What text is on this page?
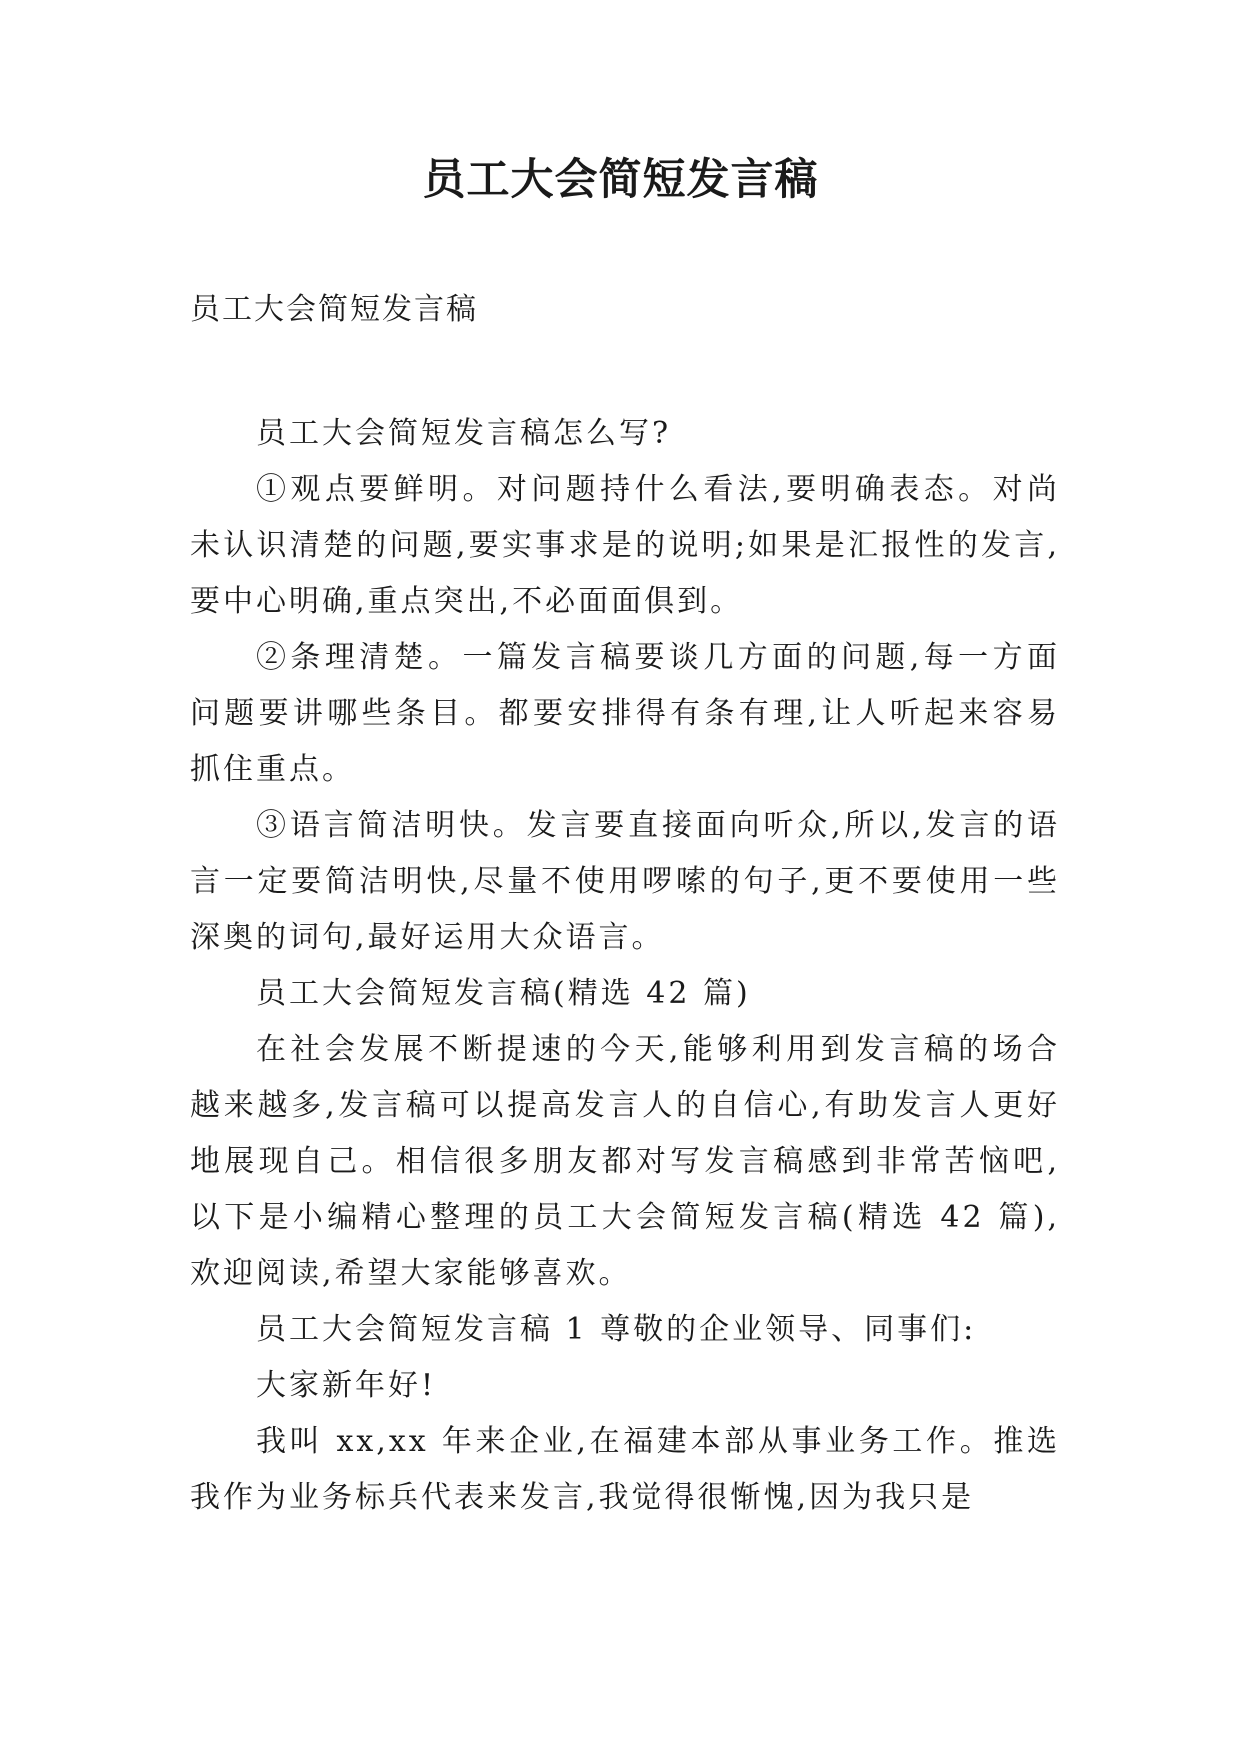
员工大会简短发言稿

员工大会简短发言稿

员工大会简短发言稿怎么写?

①观点要鲜明。对问题持什么看法,要明确表态。对尚未认识清楚的问题,要实事求是的说明;如果是汇报性的发言,要中心明确,重点突出,不必面面俱到。

②条理清楚。一篇发言稿要谈几方面的问题,每一方面问题要讲哪些条目。都要安排得有条有理,让人听起来容易抓住重点。

③语言简洁明快。发言要直接面向听众,所以,发言的语言一定要简洁明快,尽量不使用啰嗦的句子,更不要使用一些深奥的词句,最好运用大众语言。

员工大会简短发言稿(精选 42 篇)

在社会发展不断提速的今天,能够利用到发言稿的场合越来越多,发言稿可以提高发言人的自信心,有助发言人更好地展现自己。相信很多朋友都对写发言稿感到非常苦恼吧,以下是小编精心整理的员工大会简短发言稿(精选 42 篇),欢迎阅读,希望大家能够喜欢。

员工大会简短发言稿 1 尊敬的企业领导、同事们:

大家新年好!

我叫 xx,xx 年来企业,在福建本部从事业务工作。推选我作为业务标兵代表来发言,我觉得很惭愧,因为我只是
